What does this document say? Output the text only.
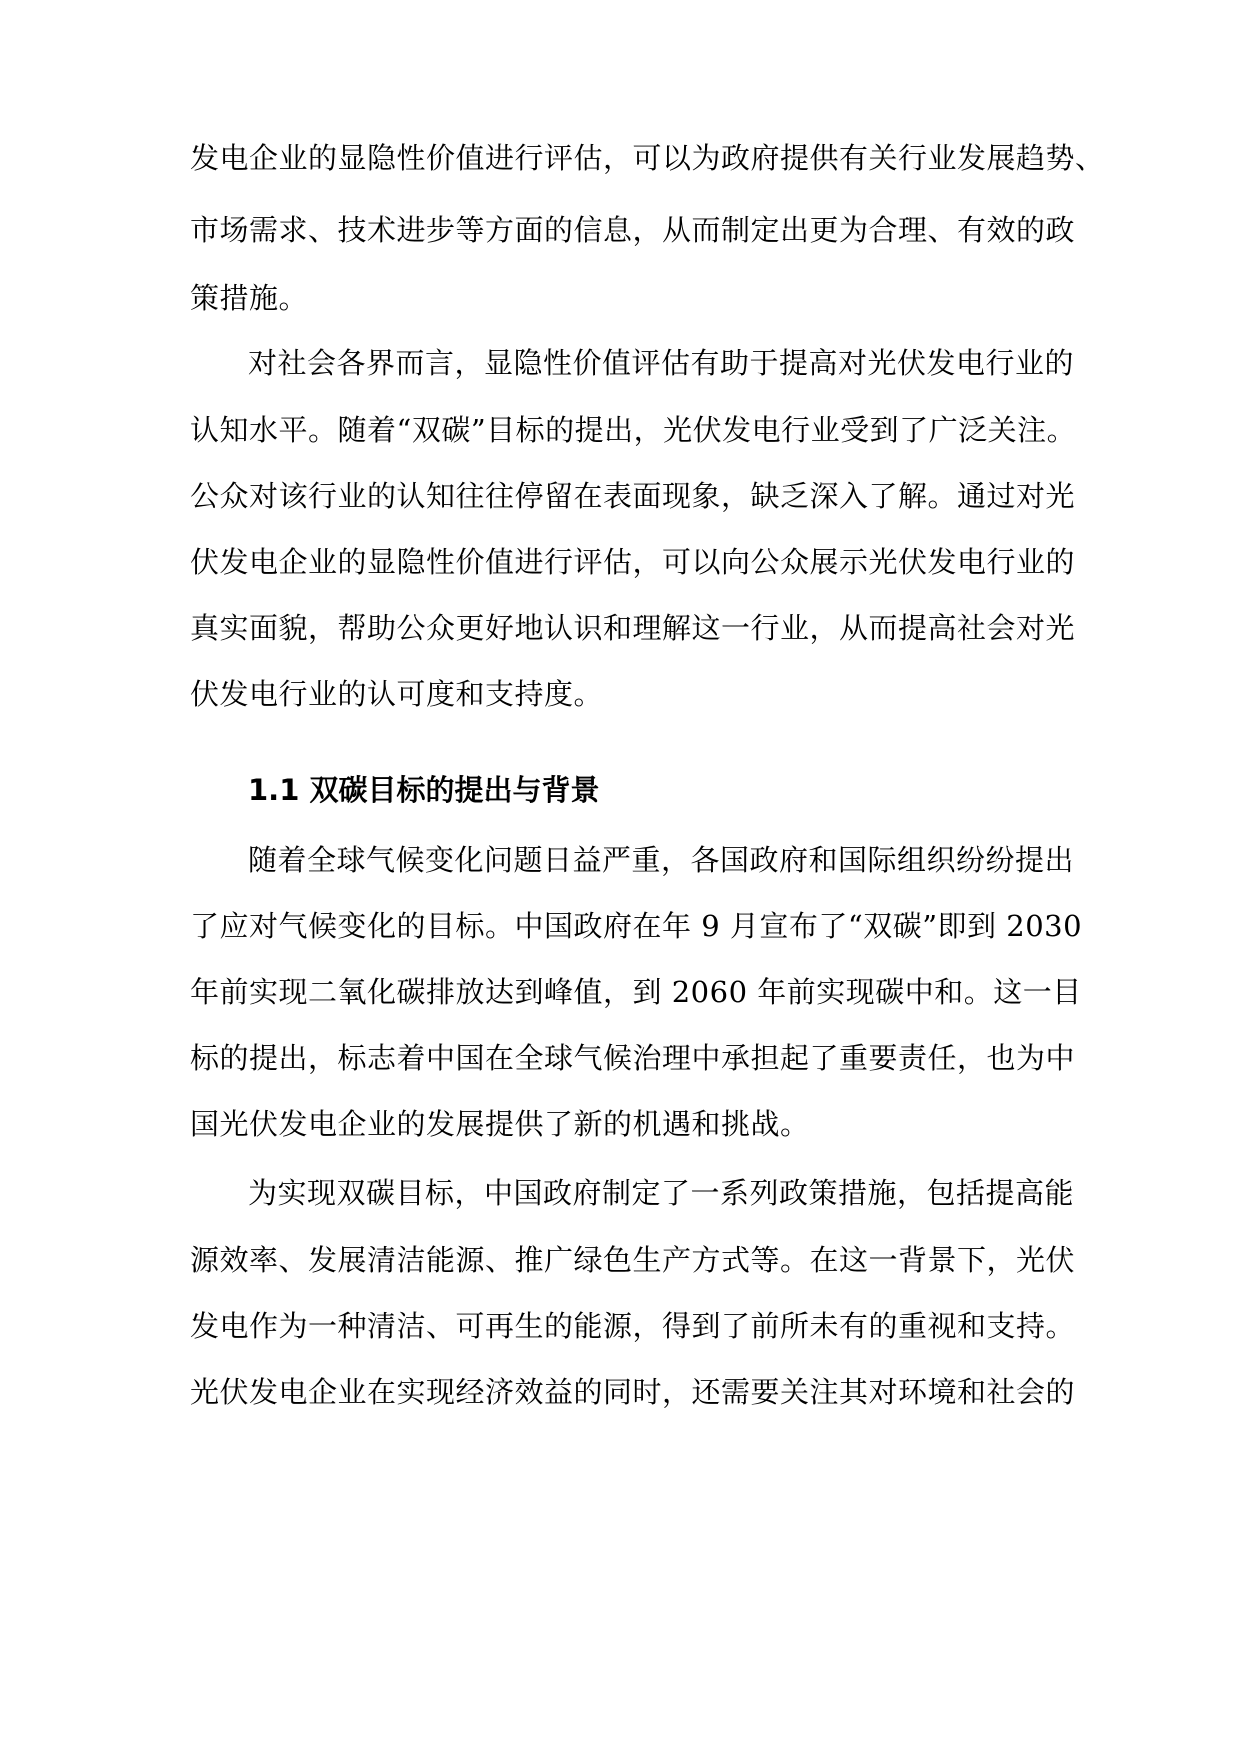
发电企业的显隐性价值进行评估，可以为政府提供有关行业发展趋势、
市场需求、技术进步等方面的信息，从而制定出更为合理、有效的政
策措施。
对社会各界而言，显隐性价值评估有助于提高对光伏发电行业的
认知水平。随着“双碳”目标的提出，光伏发电行业受到了广泛关注。
公众对该行业的认知往往停留在表面现象，缺乏深入了解。通过对光
伏发电企业的显隐性价值进行评估，可以向公众展示光伏发电行业的
真实面貌，帮助公众更好地认识和理解这一行业，从而提高社会对光
伏发电行业的认可度和支持度。
1.1 双碳目标的提出与背景
随着全球气候变化问题日益严重，各国政府和国际组织纷纷提出
了应对气候变化的目标。中国政府在年 9 月宣布了“双碳”即到 2030
年前实现二氧化碳排放达到峰值，到 2060 年前实现碳中和。这一目
标的提出，标志着中国在全球气候治理中承担起了重要责任，也为中
国光伏发电企业的发展提供了新的机遇和挑战。
为实现双碳目标，中国政府制定了一系列政策措施，包括提高能
源效率、发展清洁能源、推广绿色生产方式等。在这一背景下，光伏
发电作为一种清洁、可再生的能源，得到了前所未有的重视和支持。
光伏发电企业在实现经济效益的同时，还需要关注其对环境和社会的
